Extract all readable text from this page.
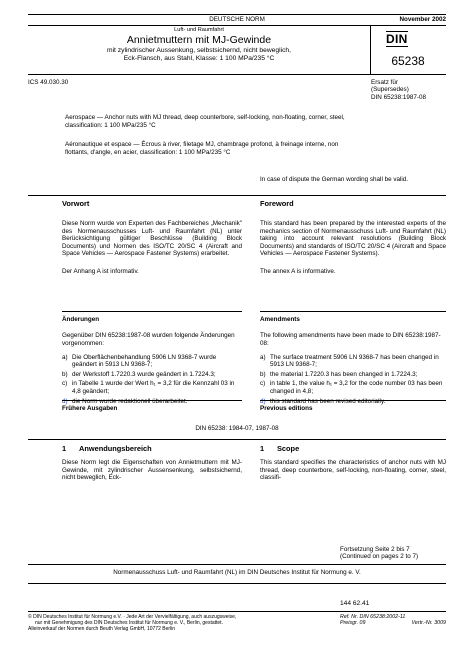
DEUTSCHE NORM	November 2002
Luft- und Raumfahrt
Annietmuttern mit MJ-Gewinde
mit zylindrischer Aussenkung, selbstsichernd, nicht beweglich,
Eck-Flansch, aus Stahl, Klasse: 1 100 MPa/235 °C
DIN
65238
ICS 49.030.30	Ersatz für
(Supersedes)
DIN 65238:1987-08
Aerospace — Anchor nuts with MJ thread, deep counterbore, self-locking, non-floating, corner, steel, classification: 1 100 MPa/235 °C
Aéronautique et espace — Écrous à river, filetage MJ, chambrage profond, à freinage interne, non flottants, d'angle, en acier, classification: 1 100 MPa/235 °C
In case of dispute the German wording shall be valid.
Vorwort
Diese Norm wurde von Experten des Fachbereiches „Mechanik" des Normenausschusses Luft- und Raumfahrt (NL) unter Berücksichtigung gültiger Beschlüsse (Building Block Documents) und Normen des ISO/TC 20/SC 4 (Aircraft and Space Vehicles — Aerospace Fastener Systems) erarbeitet.
Der Anhang A ist informativ.
Änderungen
Gegenüber DIN 65238:1987-08 wurden folgende Änderungen vorgenommen:
a) Die Oberflächenbehandlung 5906 LN 9368-7 wurde geändert in 5913 LN 9368-7;
b) der Werkstoff 1.7220.3 wurde geändert in 1.7224.3;
c) in Tabelle 1 wurde der Wert h₁ = 3,2 für die Kennzahl 03 in 4,8 geändert;
d) die Norm wurde redaktionell überarbeitet.
Frühere Ausgaben
Foreword
This standard has been prepared by the interested experts of the mechanics section of Normenausschuss Luft- und Raumfahrt (NL) taking into account relevant resolutions (Building Block Documents) and standards of ISO/TC 20/SC 4 (Aircraft and Space Vehicles — Aerospace Fastener Systems).
The annex A is informative.
Amendments
The following amendments have been made to DIN 65238:1987-08:
a) The surface treatment 5906 LN 9368-7 has been changed in 5913 LN 9368-7;
b) the material 1.7220.3 has been changed in 1.7224.3;
c) in table 1, the value h₁ = 3,2 for the code number 03 has been changed in 4,8;
d) this standard has been revised editorially.
Previous editions
DIN 65238: 1984-07, 1987-08
1	Anwendungsbereich
Diese Norm legt die Eigenschaften von Annietmuttern mit MJ-Gewinde, mit zylindrischer Aussensenkung, selbstsichernd, nicht beweglich, Eck-
1	Scope
This standard specifies the characteristics of anchor nuts with MJ thread, deep counterbore, self-locking, non-floating, corner, steel, classifi-
Fortsetzung Seite 2 bis 7
(Continued on pages 2 to 7)
Normenausschuss Luft- und Raumfahrt (NL) im DIN Deutsches Institut für Normung e. V.
144 62.41
© DIN Deutsches Institut für Normung e.V. · Jede Art der Vervielfältigung, auch auszugsweise,
nur mit Genehmigung des DIN Deutsches Institut für Normung e. V., Berlin, gestattet.
Alleinverkauf der Normen durch Beuth Verlag GmbH, 10772 Berlin
Ref. Nr. DIN 65238:2002-11
Preisgr. 09	Vertr.-Nr. 3009
